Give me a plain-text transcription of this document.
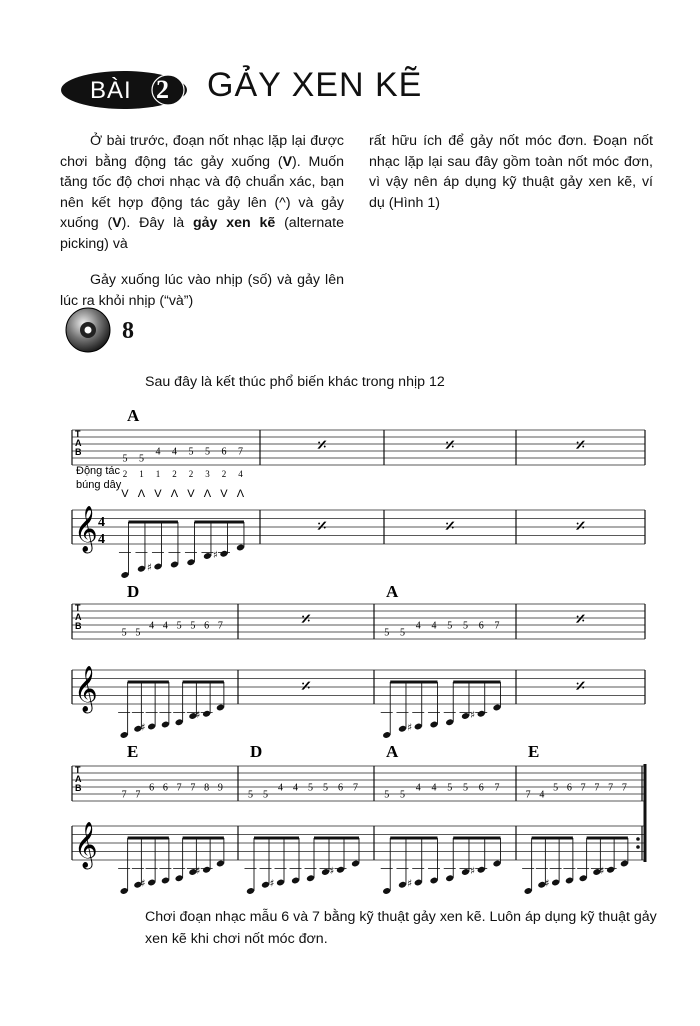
BÀI 2 GẢY XEN KẼ

Ở bài trước, đoạn nốt nhạc lặp lại được chơi bằng động tác gảy xuống (V). Muốn tăng tốc độ chơi nhạc và độ chuẩn xác, bạn nên kết hợp động tác gảy lên (^) và gảy xuống (V). Đây là gảy xen kẽ (alternate picking) và

Gảy xuống lúc vào nhịp (số) và gảy lên lúc ra khỏi nhịp (“và”)

rất hữu ích để gảy nốt móc đơn. Đoạn nốt nhạc lặp lại sau đây gồm toàn nốt móc đơn, vì vậy nên áp dụng kỹ thuật gảy xen kẽ, ví dụ (Hình 1)

8
Sau đây là kết thúc phổ biến khác trong nhịp 12
T
A
B
𝄞 4
4
Động tác
búng dây
A
5 5
4 4 5 5 6 7
2 1 1 2 2 3 2 4
V Λ V Λ V Λ V Λ
♯
♯
𝄎
𝄎
𝄎
𝄎
𝄎
𝄎
T
A
B
𝄞
D
5 5
4 4 5 5 6 7
♯
♯
𝄎
𝄎
A
5 5
4 4 5 5 6 7
♯
♯
𝄎
𝄎
T
A
B
𝄞
E
7 7
6 6 7 7 8 9
♯
♯
D
5 5
4 4 5 5 6 7
♯
♯
A
5 5
4 4 5 5 6 7
♯
♯
E
7 4
5 6 7 7 7 7
♯
♯
Chơi đoạn nhạc mẫu 6 và 7 bằng kỹ thuật gảy xen kẽ. Luôn áp dụng kỹ thuật gảy xen kẽ khi chơi nốt móc đơn.
